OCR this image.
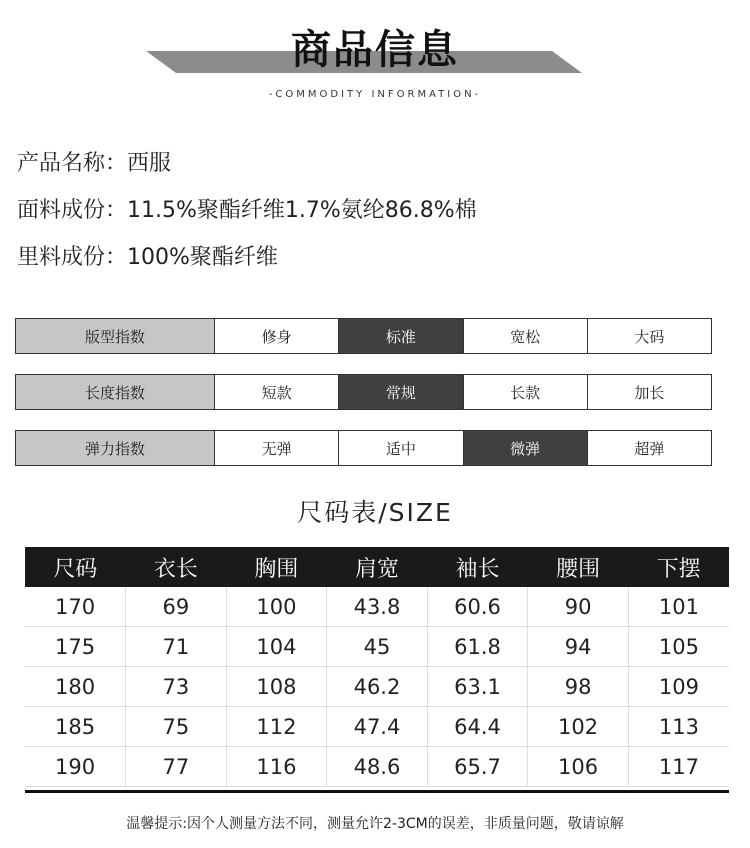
商品信息
-COMMODITY INFORMATION-
产品名称：西服
面料成份：11.5%聚酯纤维1.7%氨纶86.8%棉
里料成份：100%聚酯纤维
版型指数	修身	标准	宽松	大码
长度指数	短款	常规	长款	加长
弹力指数	无弹	适中	微弹	超弹
尺码表/SIZE
尺码	衣长	胸围	肩宽	袖长	腰围	下摆
170	69	100	43.8	60.6	90	101
175	71	104	45	61.8	94	105
180	73	108	46.2	63.1	98	109
185	75	112	47.4	64.4	102	113
190	77	116	48.6	65.7	106	117
温馨提示:因个人测量方法不同，测量允许2-3CM的误差，非质量问题，敬请谅解
